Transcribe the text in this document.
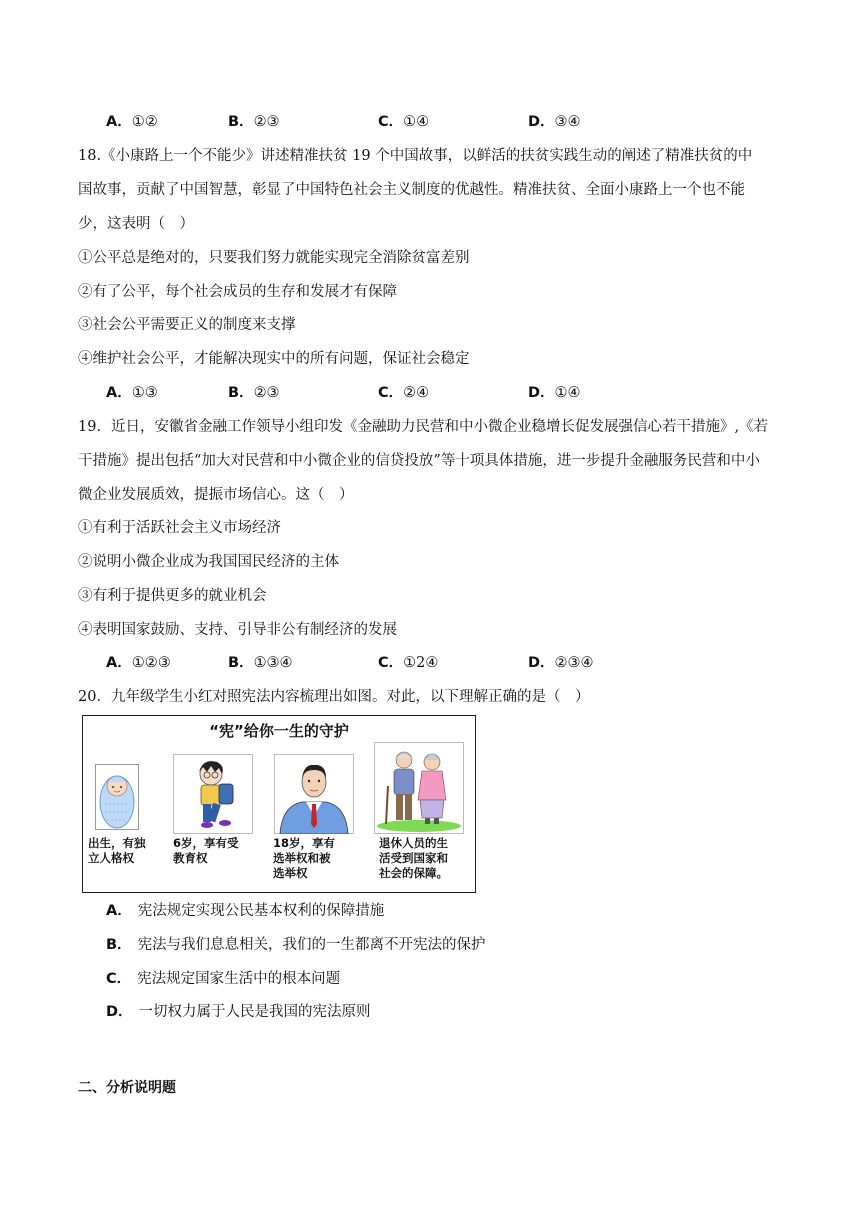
A．①②	B．②③	C．①④	D．③④
18.《小康路上一个不能少》讲述精准扶贫 19 个中国故事，以鲜活的扶贫实践生动的阐述了精准扶贫的中
国故事，贡献了中国智慧，彰显了中国特色社会主义制度的优越性。精准扶贫、全面小康路上一个也不能
少，这表明（　）
①公平总是绝对的，只要我们努力就能实现完全消除贫富差别
②有了公平，每个社会成员的生存和发展才有保障
③社会公平需要正义的制度来支撑
④维护社会公平，才能解决现实中的所有问题，保证社会稳定
A．①③	B．②③	C．②④	D．①④
19．近日，安徽省金融工作领导小组印发《金融助力民营和中小微企业稳增长促发展强信心若干措施》,《若
干措施》提出包括“加大对民营和中小微企业的信贷投放”等十项具体措施，进一步提升金融服务民营和中小
微企业发展质效，提振市场信心。这（　）
①有利于活跃社会主义市场经济
②说明小微企业成为我国国民经济的主体
③有利于提供更多的就业机会
④表明国家鼓励、支持、引导非公有制经济的发展
A．①②③	B．①③④	C．①2④	D．②③④
20．九年级学生小红对照宪法内容梳理出如图。对此，以下理解正确的是（　）
“宪”给你一生的守护
出生，有独
立人格权
6岁，享有受
教育权
18岁，享有
选举权和被
选举权
退休人员的生
活受到国家和
社会的保障。
A． 宪法规定实现公民基本权利的保障措施
B． 宪法与我们息息相关，我们的一生都离不开宪法的保护
C． 宪法规定国家生活中的根本问题
D． 一切权力属于人民是我国的宪法原则
二、分析说明题
